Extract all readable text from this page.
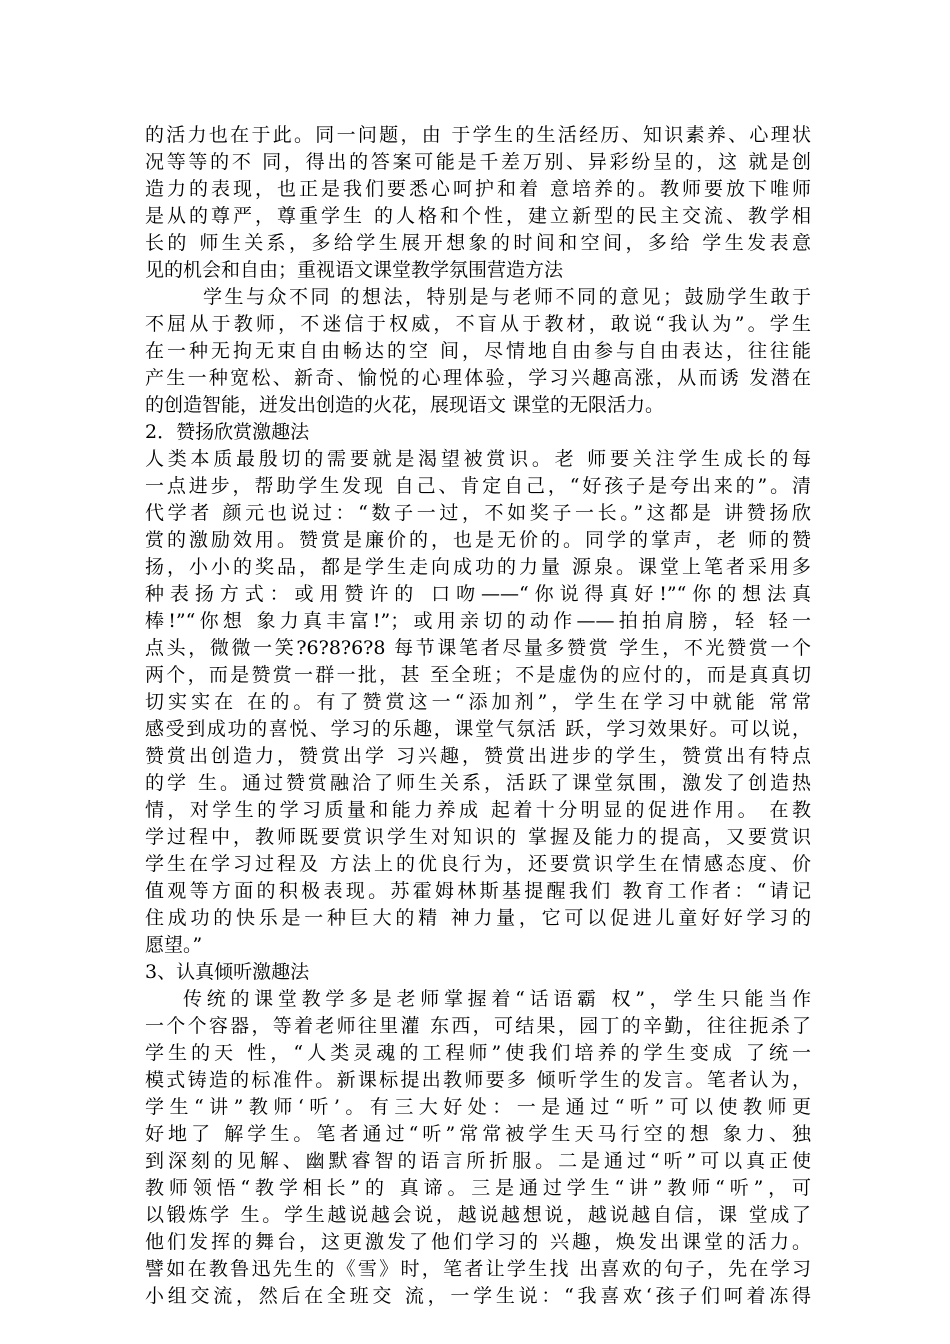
的活力也在于此。同一问题，由 于学生的生活经历、知识素养、心理状
况等等的不 同，得出的答案可能是千差万别、异彩纷呈的，这 就是创
造力的表现，也正是我们要悉心呵护和着 意培养的。教师要放下唯师
是从的尊严，尊重学生 的人格和个性，建立新型的民主交流、教学相
长的 师生关系，多给学生展开想象的时间和空间，多给 学生发表意
见的机会和自由；重视语文课堂教学氛围营造方法
学生与众不同 的想法，特别是与老师不同的意见；鼓励学生敢于
不屈从于教师，不迷信于权威，不盲从于教材，敢说“我认为”。学生
在一种无拘无束自由畅达的空 间，尽情地自由参与自由表达，往往能
产生一种宽松、新奇、愉悦的心理体验，学习兴趣高涨，从而诱 发潜在
的创造智能，迸发出创造的火花，展现语文 课堂的无限活力。
2．赞扬欣赏激趣法
人类本质最殷切的需要就是渴望被赏识。老 师要关注学生成长的每
一点进步，帮助学生发现 自己、肯定自己，“好孩子是夸出来的”。清
代学者 颜元也说过：“数子一过，不如奖子一长。”这都是 讲赞扬欣
赏的激励效用。赞赏是廉价的，也是无价的。同学的掌声，老 师的赞
扬，小小的奖品，都是学生走向成功的力量 源泉。课堂上笔者采用多
种表扬方式：或用赞许的 口吻——“你说得真好!”“你的想法真
棒!”“你想 象力真丰富!”；或用亲切的动作——拍拍肩膀，轻 轻一
点头，微微一笑?6?8?6?8 每节课笔者尽量多赞赏 学生，不光赞赏一个
两个，而是赞赏一群一批，甚 至全班；不是虚伪的应付的，而是真真切
切实实在 在的。有了赞赏这一“添加剂”，学生在学习中就能 常常
感受到成功的喜悦、学习的乐趣，课堂气氛活 跃，学习效果好。可以说，
赞赏出创造力，赞赏出学 习兴趣，赞赏出进步的学生，赞赏出有特点
的学 生。通过赞赏融洽了师生关系，活跃了课堂氛围，激发了创造热
情，对学生的学习质量和能力养成 起着十分明显的促进作用。 在教
学过程中，教师既要赏识学生对知识的 掌握及能力的提高，又要赏识
学生在学习过程及 方法上的优良行为，还要赏识学生在情感态度、价
值观等方面的积极表现。苏霍姆林斯基提醒我们 教育工作者：“请记
住成功的快乐是一种巨大的精 神力量，它可以促进儿童好好学习的
愿望。”
3、认真倾听激趣法
传统的课堂教学多是老师掌握着“话语霸 权”，学生只能当作
一个个容器，等着老师往里灌 东西，可结果，园丁的辛勤，往往扼杀了
学生的天 性，“人类灵魂的工程师”使我们培养的学生变成 了统一
模式铸造的标准件。新课标提出教师要多 倾听学生的发言。笔者认为，
学生“讲”教师‘听’。有三大好处：一是通过“听”可以使教师更
好地了 解学生。笔者通过“听”常常被学生天马行空的想 象力、独
到深刻的见解、幽默睿智的语言所折服。二是通过“听”可以真正使
教师领悟“教学相长”的 真谛。三是通过学生“讲”教师“听”，可
以锻炼学 生。学生越说越会说，越说越想说，越说越自信，课 堂成了
他们发挥的舞台，这更激发了他们学习的 兴趣，焕发出课堂的活力。
譬如在教鲁迅先生的《雪》时，笔者让学生找 出喜欢的句子，先在学习
小组交流，然后在全班交 流，一学生说：“我喜欢‘孩子们呵着冻得
